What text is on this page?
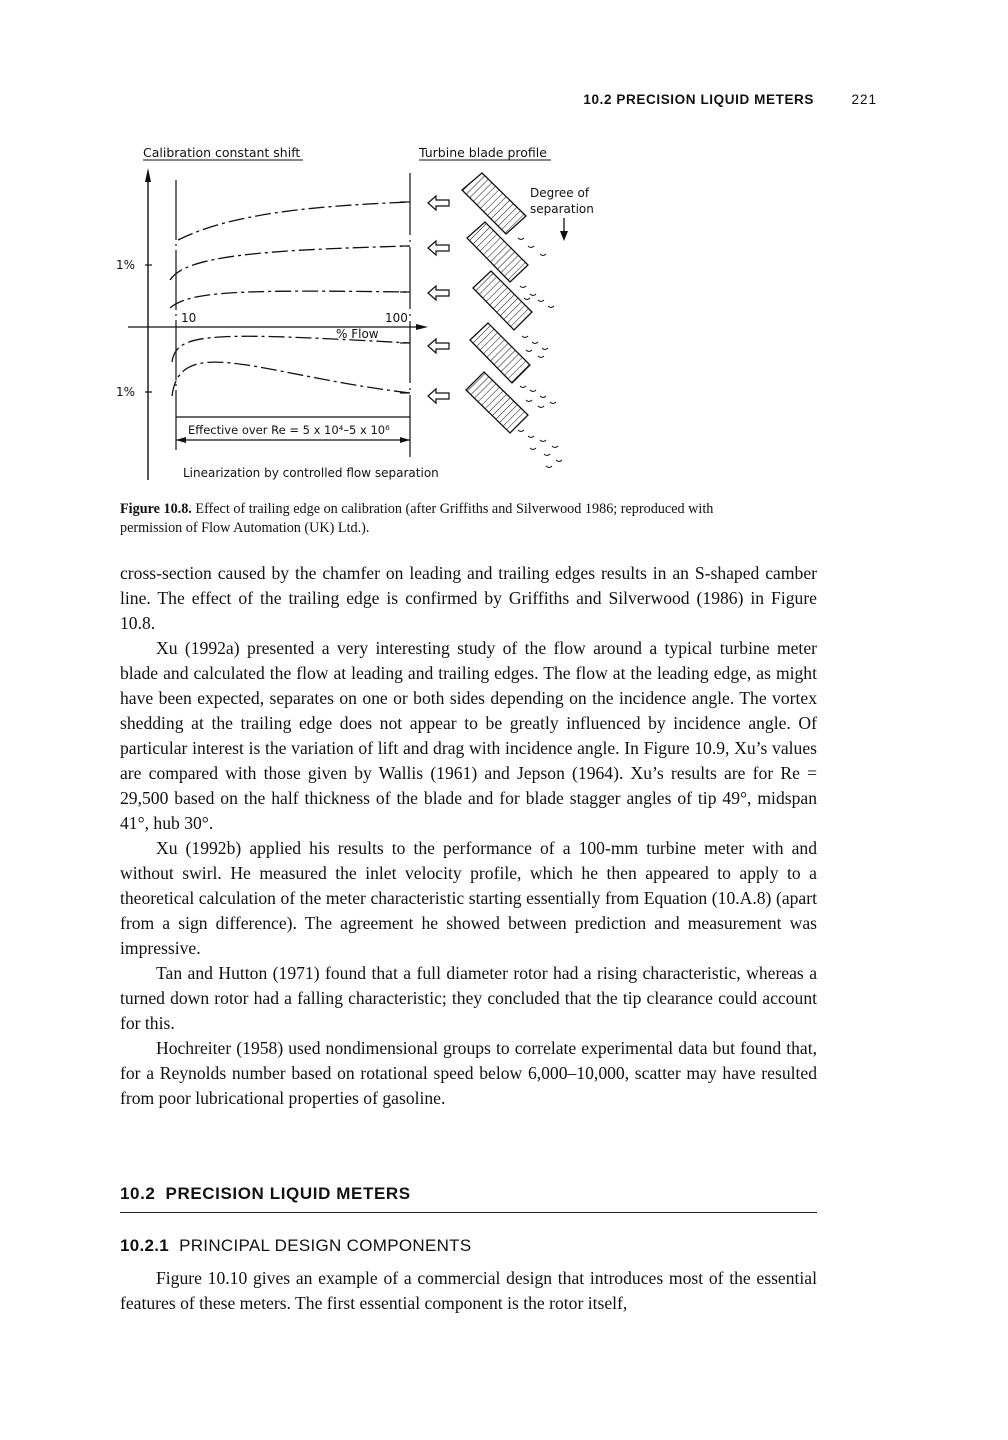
10.2 PRECISION LIQUID METERS	221
Calibration constant shift	Turbine blade profile
1%
1%
10	100
% Flow
Effective over Re = 5 x 10⁴–5 x 10⁶
Linearization by controlled flow separation
Degree of
separation
Figure 10.8. Effect of trailing edge on calibration (after Griffiths and Silverwood 1986; reproduced with permission of Flow Automation (UK) Ltd.).

cross-section caused by the chamfer on leading and trailing edges results in an S-shaped camber line. The effect of the trailing edge is confirmed by Griffiths and Silverwood (1986) in Figure 10.8.

Xu (1992a) presented a very interesting study of the flow around a typical turbine meter blade and calculated the flow at leading and trailing edges. The flow at the leading edge, as might have been expected, separates on one or both sides depending on the incidence angle. The vortex shedding at the trailing edge does not appear to be greatly influenced by incidence angle. Of particular interest is the variation of lift and drag with incidence angle. In Figure 10.9, Xu’s values are compared with those given by Wallis (1961) and Jepson (1964). Xu’s results are for Re = 29,500 based on the half thickness of the blade and for blade stagger angles of tip 49°, midspan 41°, hub 30°.

Xu (1992b) applied his results to the performance of a 100-mm turbine meter with and without swirl. He measured the inlet velocity profile, which he then appeared to apply to a theoretical calculation of the meter characteristic starting essentially from Equation (10.A.8) (apart from a sign difference). The agreement he showed between prediction and measurement was impressive.

Tan and Hutton (1971) found that a full diameter rotor had a rising characteristic, whereas a turned down rotor had a falling characteristic; they concluded that the tip clearance could account for this.

Hochreiter (1958) used nondimensional groups to correlate experimental data but found that, for a Reynolds number based on rotational speed below 6,000–10,000, scatter may have resulted from poor lubricational properties of gasoline.

10.2 PRECISION LIQUID METERS
10.2.1 PRINCIPAL DESIGN COMPONENTS

Figure 10.10 gives an example of a commercial design that introduces most of the essential features of these meters. The first essential component is the rotor itself,
